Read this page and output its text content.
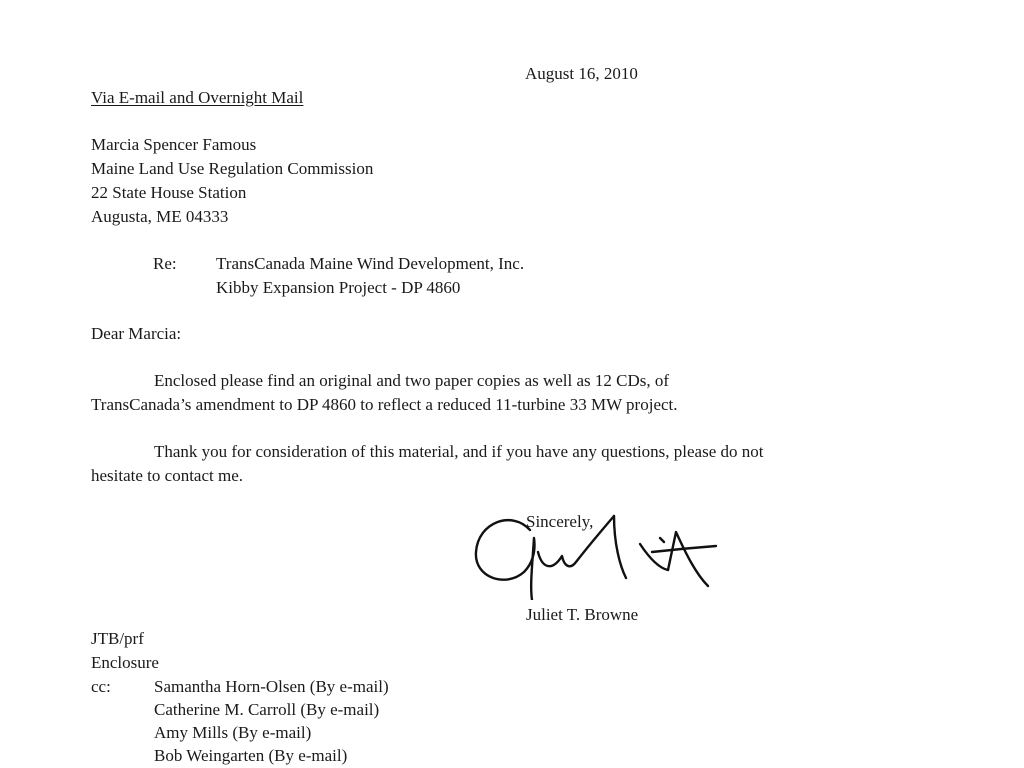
August 16, 2010
Via E-mail and Overnight Mail
Marcia Spencer Famous
Maine Land Use Regulation Commission
22 State House Station
Augusta, ME 04333
Re: TransCanada Maine Wind Development, Inc.
Kibby Expansion Project - DP 4860
Dear Marcia:
Enclosed please find an original and two paper copies as well as 12 CDs, of
TransCanada’s amendment to DP 4860 to reflect a reduced 11-turbine 33 MW project.
Thank you for consideration of this material, and if you have any questions, please do not
hesitate to contact me.
Sincerely,
Juliet T. Browne
JTB/prf
Enclosure
cc:	Samantha Horn-Olsen (By e-mail)
Catherine M. Carroll (By e-mail)
Amy Mills (By e-mail)
Bob Weingarten (By e-mail)
